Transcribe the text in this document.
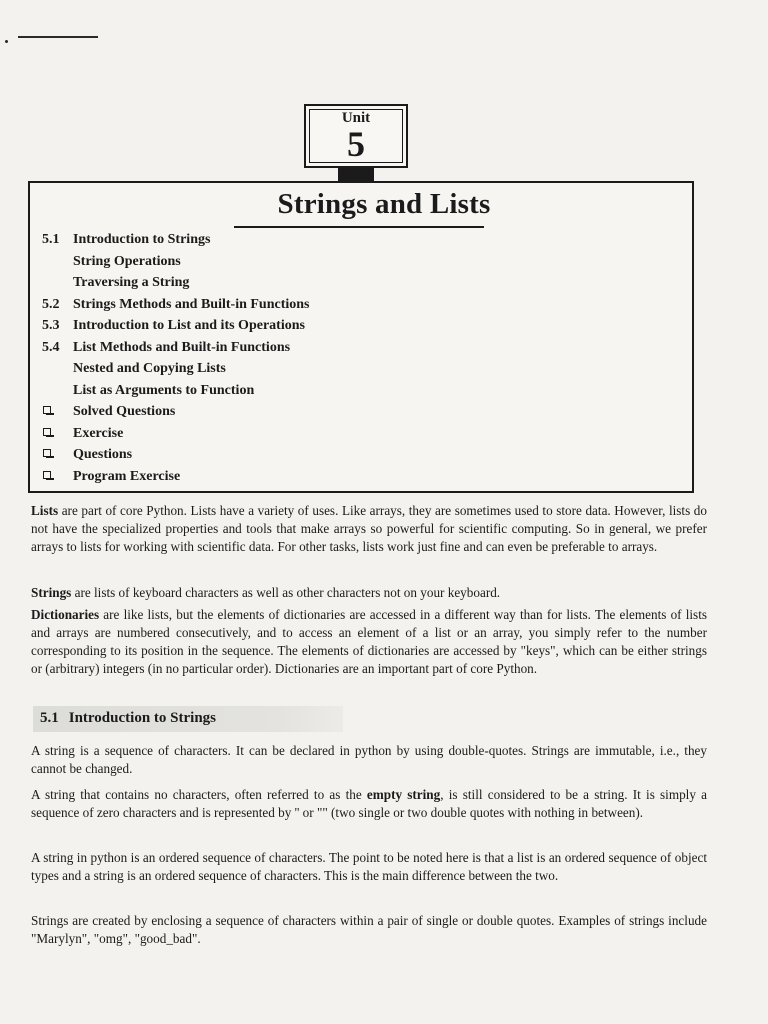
Unit
5
Strings and Lists
5.1 Introduction to Strings
String Operations
Traversing a String
5.2 Strings Methods and Built-in Functions
5.3 Introduction to List and its Operations
5.4 List Methods and Built-in Functions
Nested and Copying Lists
List as Arguments to Function
Solved Questions
Exercise
Questions
Program Exercise

Lists are part of core Python. Lists have a variety of uses. Like arrays, they are sometimes used to store data. However, lists do not have the specialized properties and tools that make arrays so powerful for scientific computing. So in general, we prefer arrays to lists for working with scientific data. For other tasks, lists work just fine and can even be preferable to arrays.

Strings are lists of keyboard characters as well as other characters not on your keyboard.

Dictionaries are like lists, but the elements of dictionaries are accessed in a different way than for lists. The elements of lists and arrays are numbered consecutively, and to access an element of a list or an array, you simply refer to the number corresponding to its position in the sequence. The elements of dictionaries are accessed by "keys", which can be either strings or (arbitrary) integers (in no particular order). Dictionaries are an important part of core Python.

5.1 Introduction to Strings

A string is a sequence of characters. It can be declared in python by using double-quotes. Strings are immutable, i.e., they cannot be changed.

A string that contains no characters, often referred to as the empty string, is still considered to be a string. It is simply a sequence of zero characters and is represented by '' or "" (two single or two double quotes with nothing in between).

A string in python is an ordered sequence of characters. The point to be noted here is that a list is an ordered sequence of object types and a string is an ordered sequence of characters. This is the main difference between the two.

Strings are created by enclosing a sequence of characters within a pair of single or double quotes. Examples of strings include "Marylyn", "omg", "good_bad".
